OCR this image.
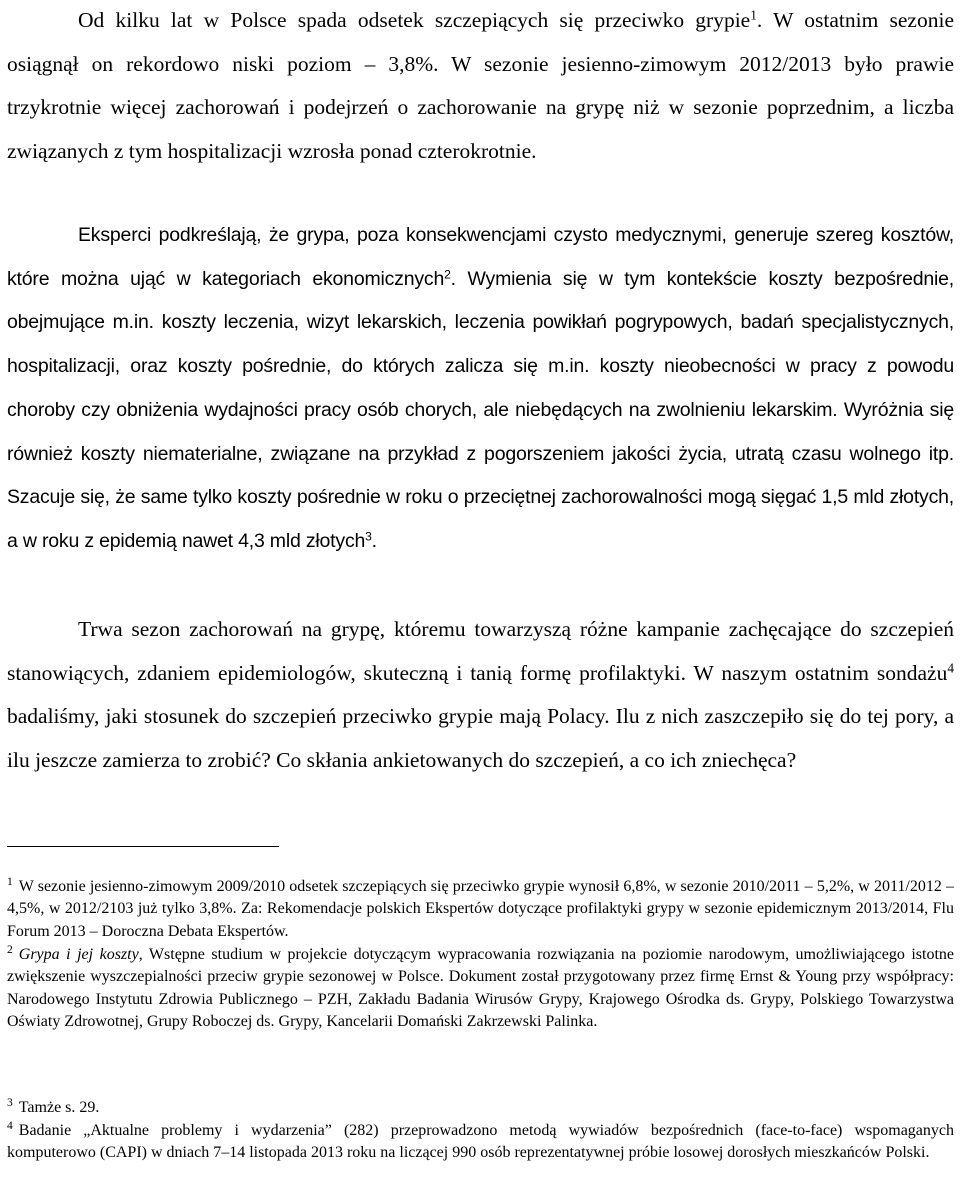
Od kilku lat w Polsce spada odsetek szczepiących się przeciwko grypie$^1$. W ostatnim sezonie osiągnął on rekordowo niski poziom – 3,8%. W sezonie jesienno-zimowym 2012/2013 było prawie trzykrotnie więcej zachorowań i podejrzeń o zachorowanie na grypę niż w sezonie poprzednim, a liczba związanych z tym hospitalizacji wzrosła ponad czterokrotnie.

Eksperci podkreślają, że grypa, poza konsekwencjami czysto medycznymi, generuje szereg kosztów, które można ująć w kategoriach ekonomicznych$^2$. Wymienia się w tym kontekście koszty bezpośrednie, obejmujące m.in. koszty leczenia, wizyt lekarskich, leczenia powikłań pogrypowych, badań specjalistycznych, hospitalizacji, oraz koszty pośrednie, do których zalicza się m.in. koszty nieobecności w pracy z powodu choroby czy obniżenia wydajności pracy osób chorych, ale niebędących na zwolnieniu lekarskim. Wyróżnia się również koszty niematerialne, związane na przykład z pogorszeniem jakości życia, utratą czasu wolnego itp. Szacuje się, że same tylko koszty pośrednie w roku o przeciętnej zachorowalności mogą sięgać 1,5 mld złotych, a w roku z epidemią nawet 4,3 mld złotych$^3$.

Trwa sezon zachorowań na grypę, któremu towarzyszą różne kampanie zachęcające do szczepień stanowiących, zdaniem epidemiologów, skuteczną i tanią formę profilaktyki. W naszym ostatnim sondażu$^4$ badaliśmy, jaki stosunek do szczepień przeciwko grypie mają Polacy. Ilu z nich zaszczepiło się do tej pory, a ilu jeszcze zamierza to zrobić? Co skłania ankietowanych do szczepień, a co ich zniechęca?

$^1$ W sezonie jesienno-zimowym 2009/2010 odsetek szczepiących się przeciwko grypie wynosił 6,8%, w sezonie 2010/2011 – 5,2%, w 2011/2012 – 4,5%, w 2012/2103 już tylko 3,8%. Za: Rekomendacje polskich Ekspertów dotyczące profilaktyki grypy w sezonie epidemicznym 2013/2014, Flu Forum 2013 – Doroczna Debata Ekspertów.

$^2$ Grypa i jej koszty, Wstępne studium w projekcie dotyczącym wypracowania rozwiązania na poziomie narodowym, umożliwiającego istotne zwiększenie wyszczepialności przeciw grypie sezonowej w Polsce. Dokument został przygotowany przez firmę Ernst & Young przy współpracy: Narodowego Instytutu Zdrowia Publicznego – PZH, Zakładu Badania Wirusów Grypy, Krajowego Ośrodka ds. Grypy, Polskiego Towarzystwa Oświaty Zdrowotnej, Grupy Roboczej ds. Grypy, Kancelarii Domański Zakrzewski Palinka.

$^3$ Tamże s. 29.

$^4$ Badanie „Aktualne problemy i wydarzenia” (282) przeprowadzono metodą wywiadów bezpośrednich (face-to-face) wspomaganych komputerowo (CAPI) w dniach 7–14 listopada 2013 roku na liczącej 990 osób reprezentatywnej próbie losowej dorosłych mieszkańców Polski.
